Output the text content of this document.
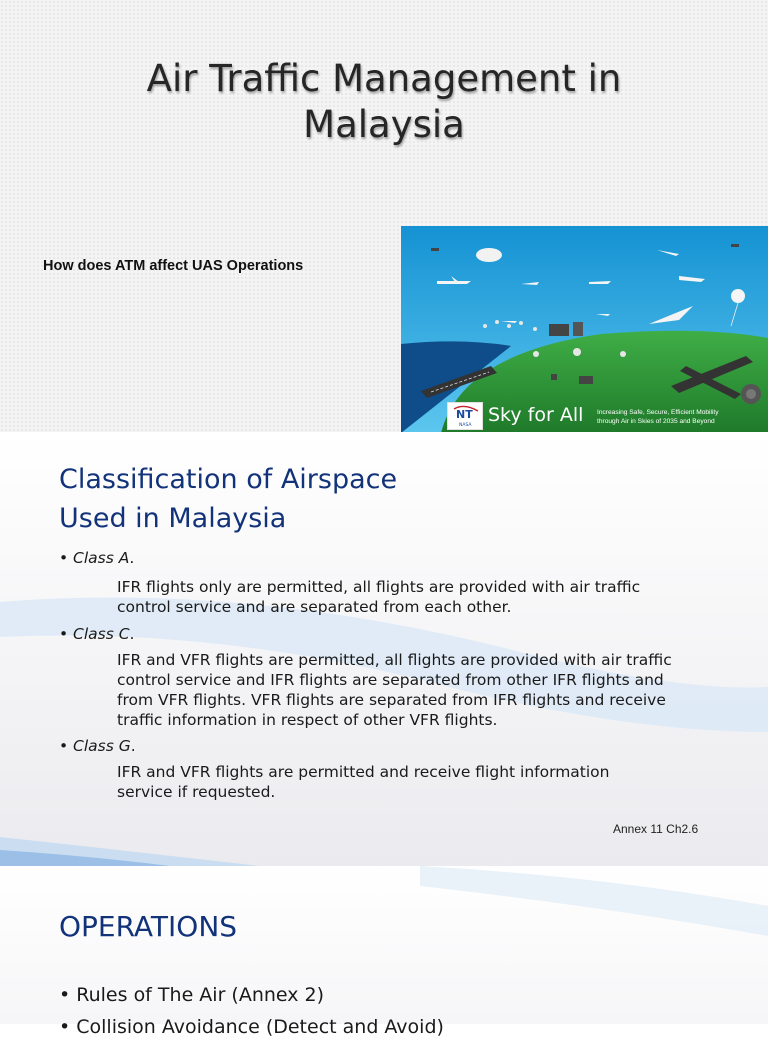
Air Traffic Management in
Malaysia
How does ATM affect UAS Operations
NT
NASA Sky for All Increasing Safe, Secure, Efficient Mobility
through Air in Skies of 2035 and Beyond
Classification of Airspace
Used in Malaysia
• Class A.
IFR flights only are permitted, all flights are provided with air traffic
control service and are separated from each other.
• Class C.
IFR and VFR flights are permitted, all flights are provided with air traffic
control service and IFR flights are separated from other IFR flights and
from VFR flights. VFR flights are separated from IFR flights and receive
traffic information in respect of other VFR flights.
• Class G.
IFR and VFR flights are permitted and receive flight information
service if requested.
Annex 11 Ch2.6
OPERATIONS
• Rules of The Air (Annex 2)
• Collision Avoidance (Detect and Avoid)
